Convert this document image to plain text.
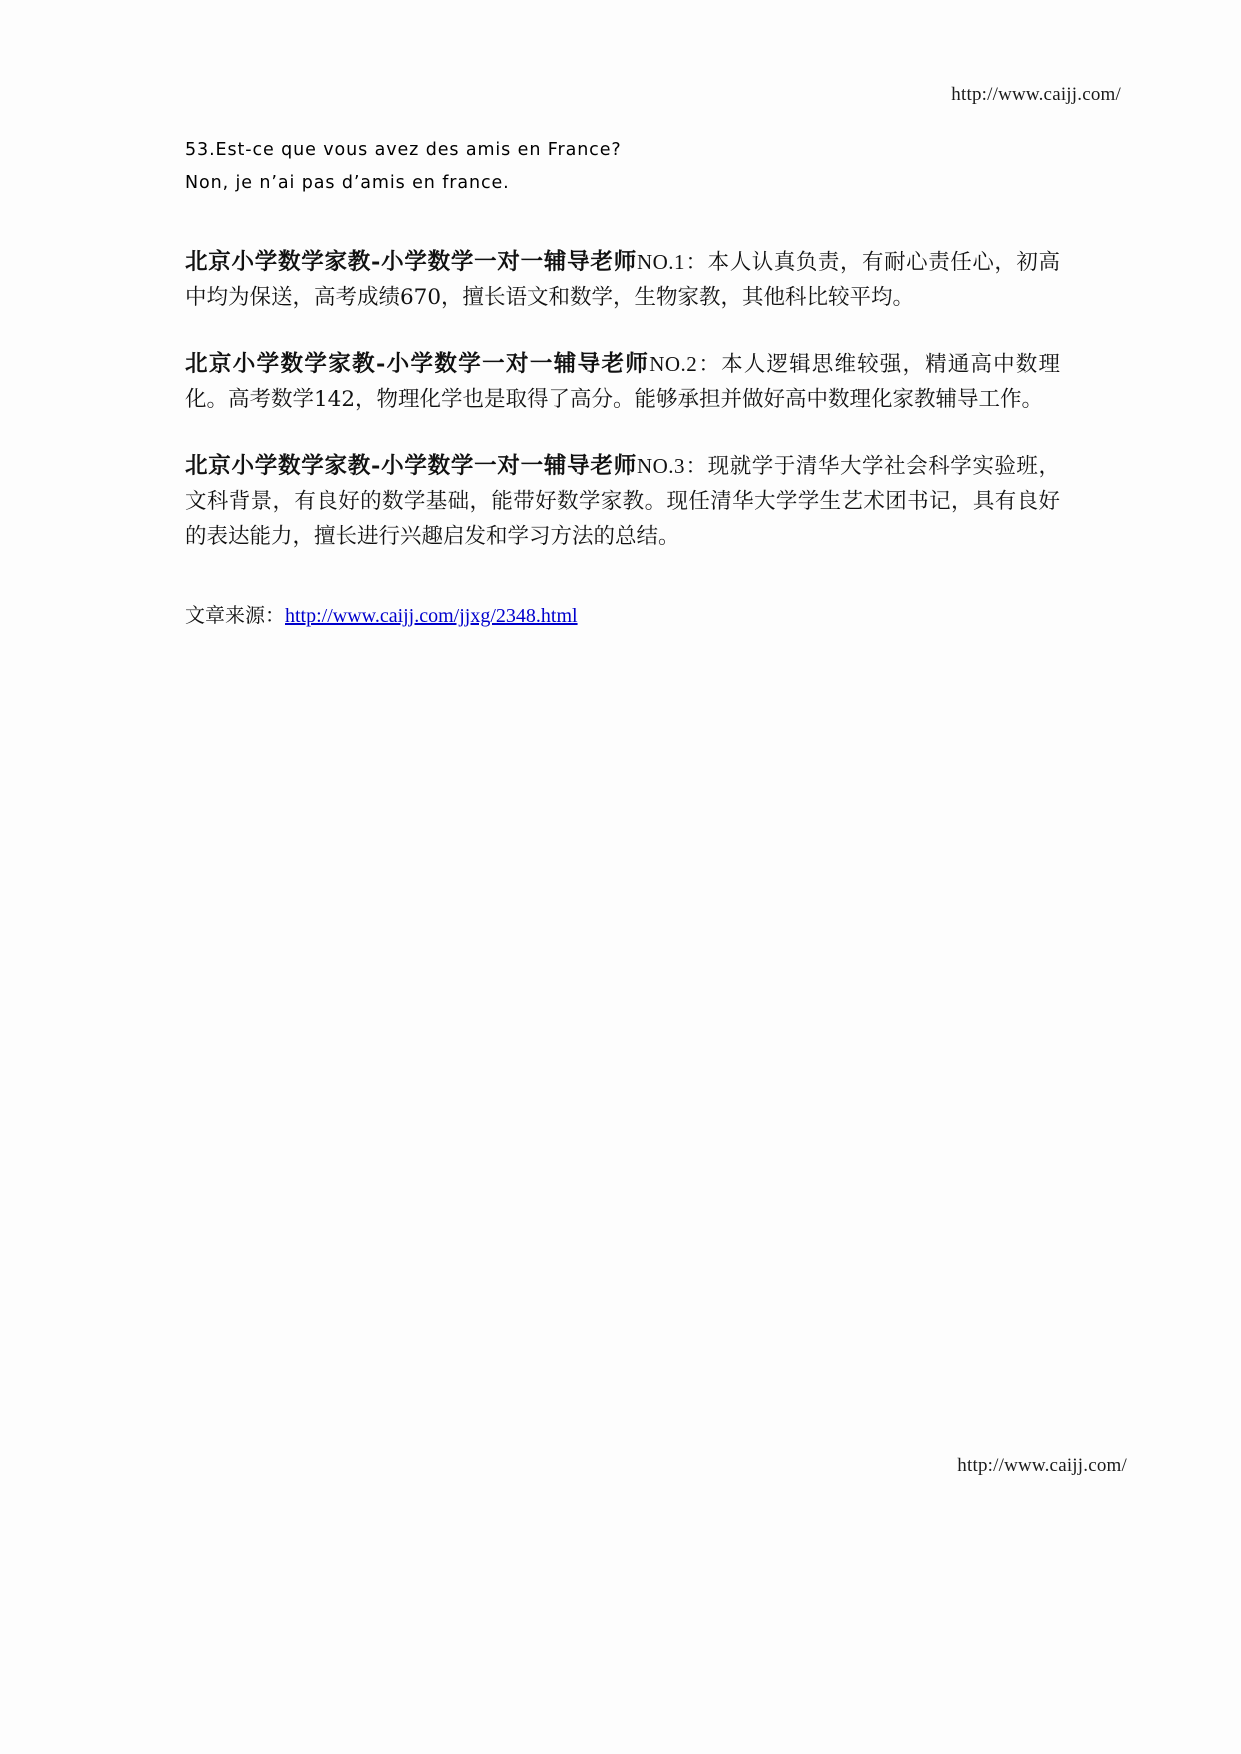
http://www.caijj.com/

53.Est-ce que vous avez des amis en France?

Non, je n’ai pas d’amis en france.

北京小学数学家教-小学数学一对一辅导老师NO.1：本人认真负责，有耐心责任心，初高中均为保送，高考成绩670，擅长语文和数学，生物家教，其他科比较平均。

北京小学数学家教-小学数学一对一辅导老师NO.2：本人逻辑思维较强，精通高中数理化。高考数学142，物理化学也是取得了高分。能够承担并做好高中数理化家教辅导工作。

北京小学数学家教-小学数学一对一辅导老师NO.3：现就学于清华大学社会科学实验班，文科背景，有良好的数学基础，能带好数学家教。现任清华大学学生艺术团书记，具有良好的表达能力，擅长进行兴趣启发和学习方法的总结。

文章来源：http://www.caijj.com/jjxg/2348.html

http://www.caijj.com/
